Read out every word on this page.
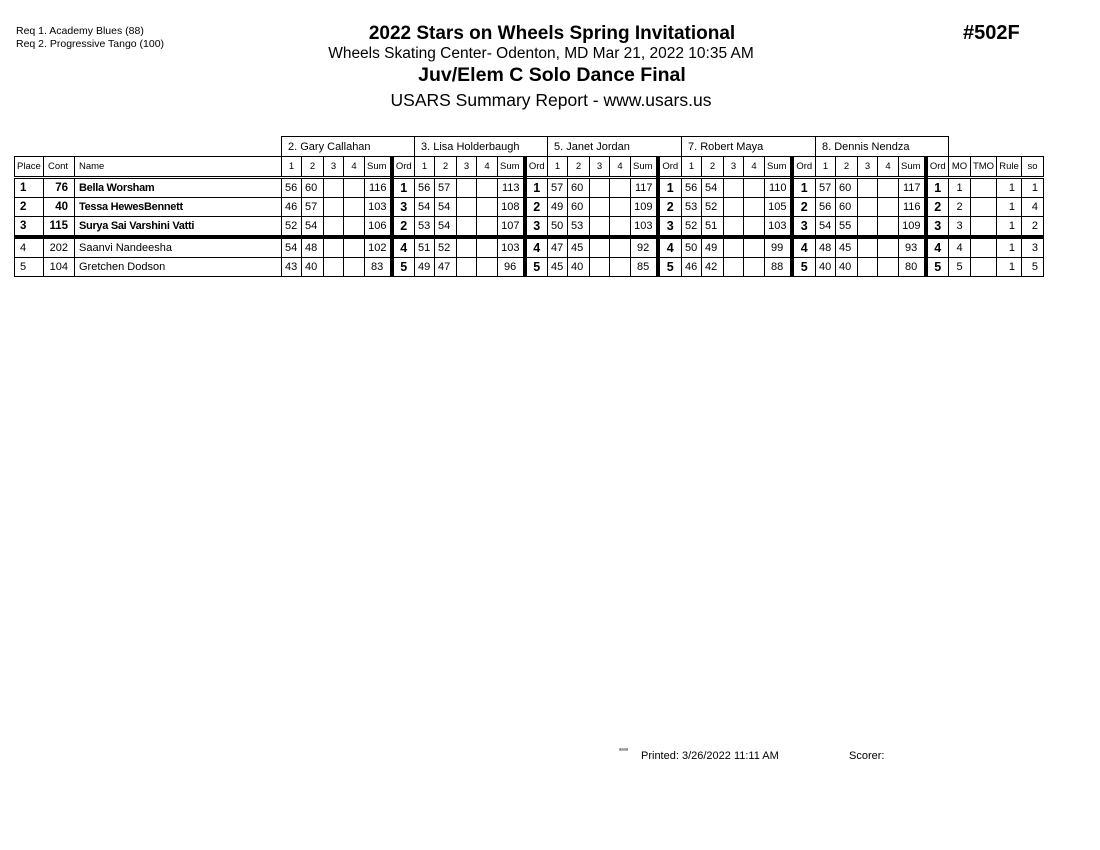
Req 1. Academy Blues (88)
Req 2. Progressive Tango (100)	2022 Stars on Wheels Spring Invitational
Wheels Skating Center- Odenton, MD Mar 21, 2022 10:35 AM
Juv/Elem C Solo Dance Final
USARS Summary Report - www.usars.us
#502F
			2. Gary Callahan						3. Lisa Holderbaugh						5. Janet Jordan						7. Robert Maya						8. Dennis Nendza									
Place	Cont	Name	1	2	3	4	Sum	Ord	1	2	3	4	Sum	Ord	1	2	3	4	Sum	Ord	1	2	3	4	Sum	Ord	1	2	3	4	Sum	Ord	MO	TMO	Rule	so
1	76	Bella Worsham	56	60			116	1	56	57			113	1	57	60			117	1	56	54			110	1	57	60			117	1	1		1	1
2	40	Tessa HewesBennett	46	57			103	3	54	54			108	2	49	60			109	2	53	52			105	2	56	60			116	2	2		1	4
3	115	Surya Sai Varshini Vatti	52	54			106	2	53	54			107	3	50	53			103	3	52	51			103	3	54	55			109	3	3		1	2
4	202	Saanvi Nandeesha	54	48			102	4	51	52			103	4	47	45			92	4	50	49			99	4	48	45			93	4	4		1	3
5	104	Gretchen Dodson	43	40			83	5	49	47			96	5	45	40			85	5	46	42			88	5	40	40			80	5	5		1	5
ᵃᵃᵃᵃ Printed: 3/26/2022 11:11 AM	Scorer:
